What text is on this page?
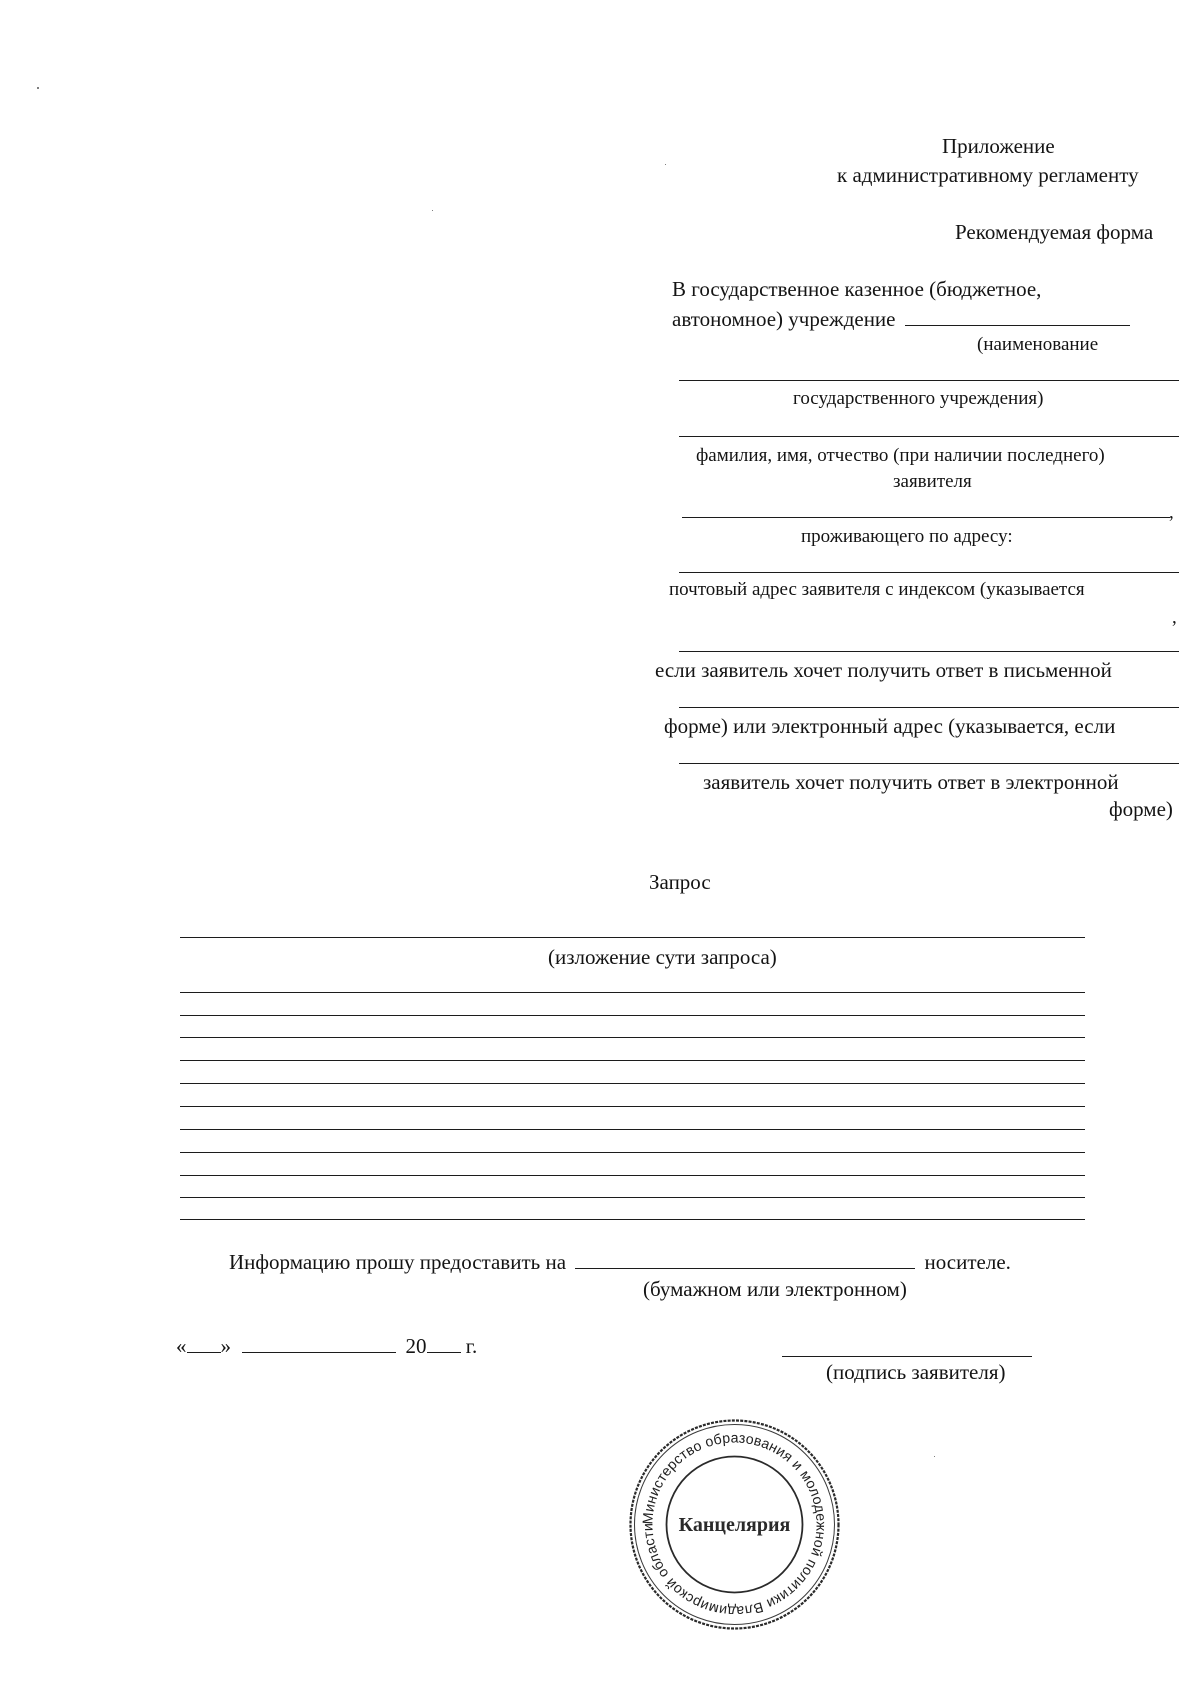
Приложение
к административному регламенту
Рекомендуемая форма
В государственное казенное (бюджетное,
автономное) учреждение
(наименование
государственного учреждения)
фамилия, имя, отчество (при наличии последнего)
заявителя
,
проживающего по адресу:
почтовый адрес заявителя с индексом (указывается
,
если заявитель хочет получить ответ в письменной
форме) или электронный адрес (указывается, если
заявитель хочет получить ответ в электронной
форме)
Запрос
(изложение сути запроса)
Информацию прошу предоставить на	носителе.
(бумажном или электронном)
« »	20 г.
(подпись заявителя)
Министерство образования и молодежной политики Владимирской области	Канцелярия
